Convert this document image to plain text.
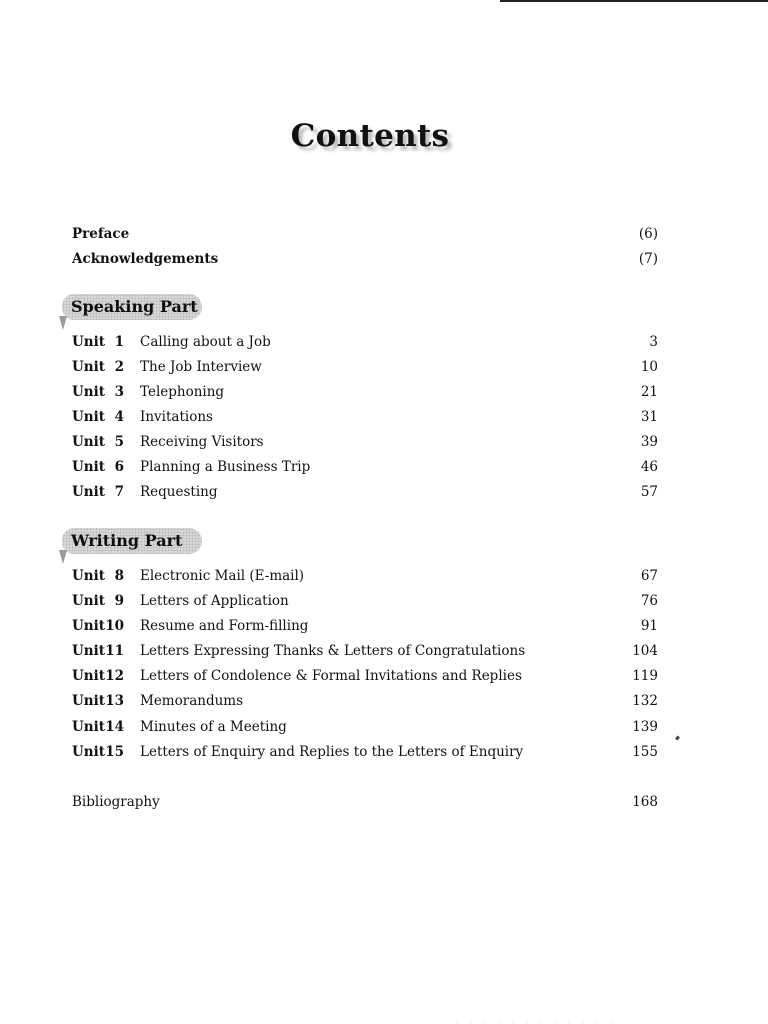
Contents
Preface	(6)
Acknowledgements	(7)
Speaking Part
Unit 1 Calling about a Job	3
Unit 2 The Job Interview	10
Unit 3 Telephoning	21
Unit 4 Invitations	31
Unit 5 Receiving Visitors	39
Unit 6 Planning a Business Trip	46
Unit 7 Requesting	57
Writing Part
Unit 8 Electronic Mail (E-mail)	67
Unit 9 Letters of Application	76
Unit 10 Resume and Form-filling	91
Unit 11 Letters Expressing Thanks & Letters of Congratulations	104
Unit 12 Letters of Condolence & Formal Invitations and Replies	119
Unit 13 Memorandums	132
Unit 14 Minutes of a Meeting	139
Unit 15 Letters of Enquiry and Replies to the Letters of Enquiry	155
Bibliography	168
